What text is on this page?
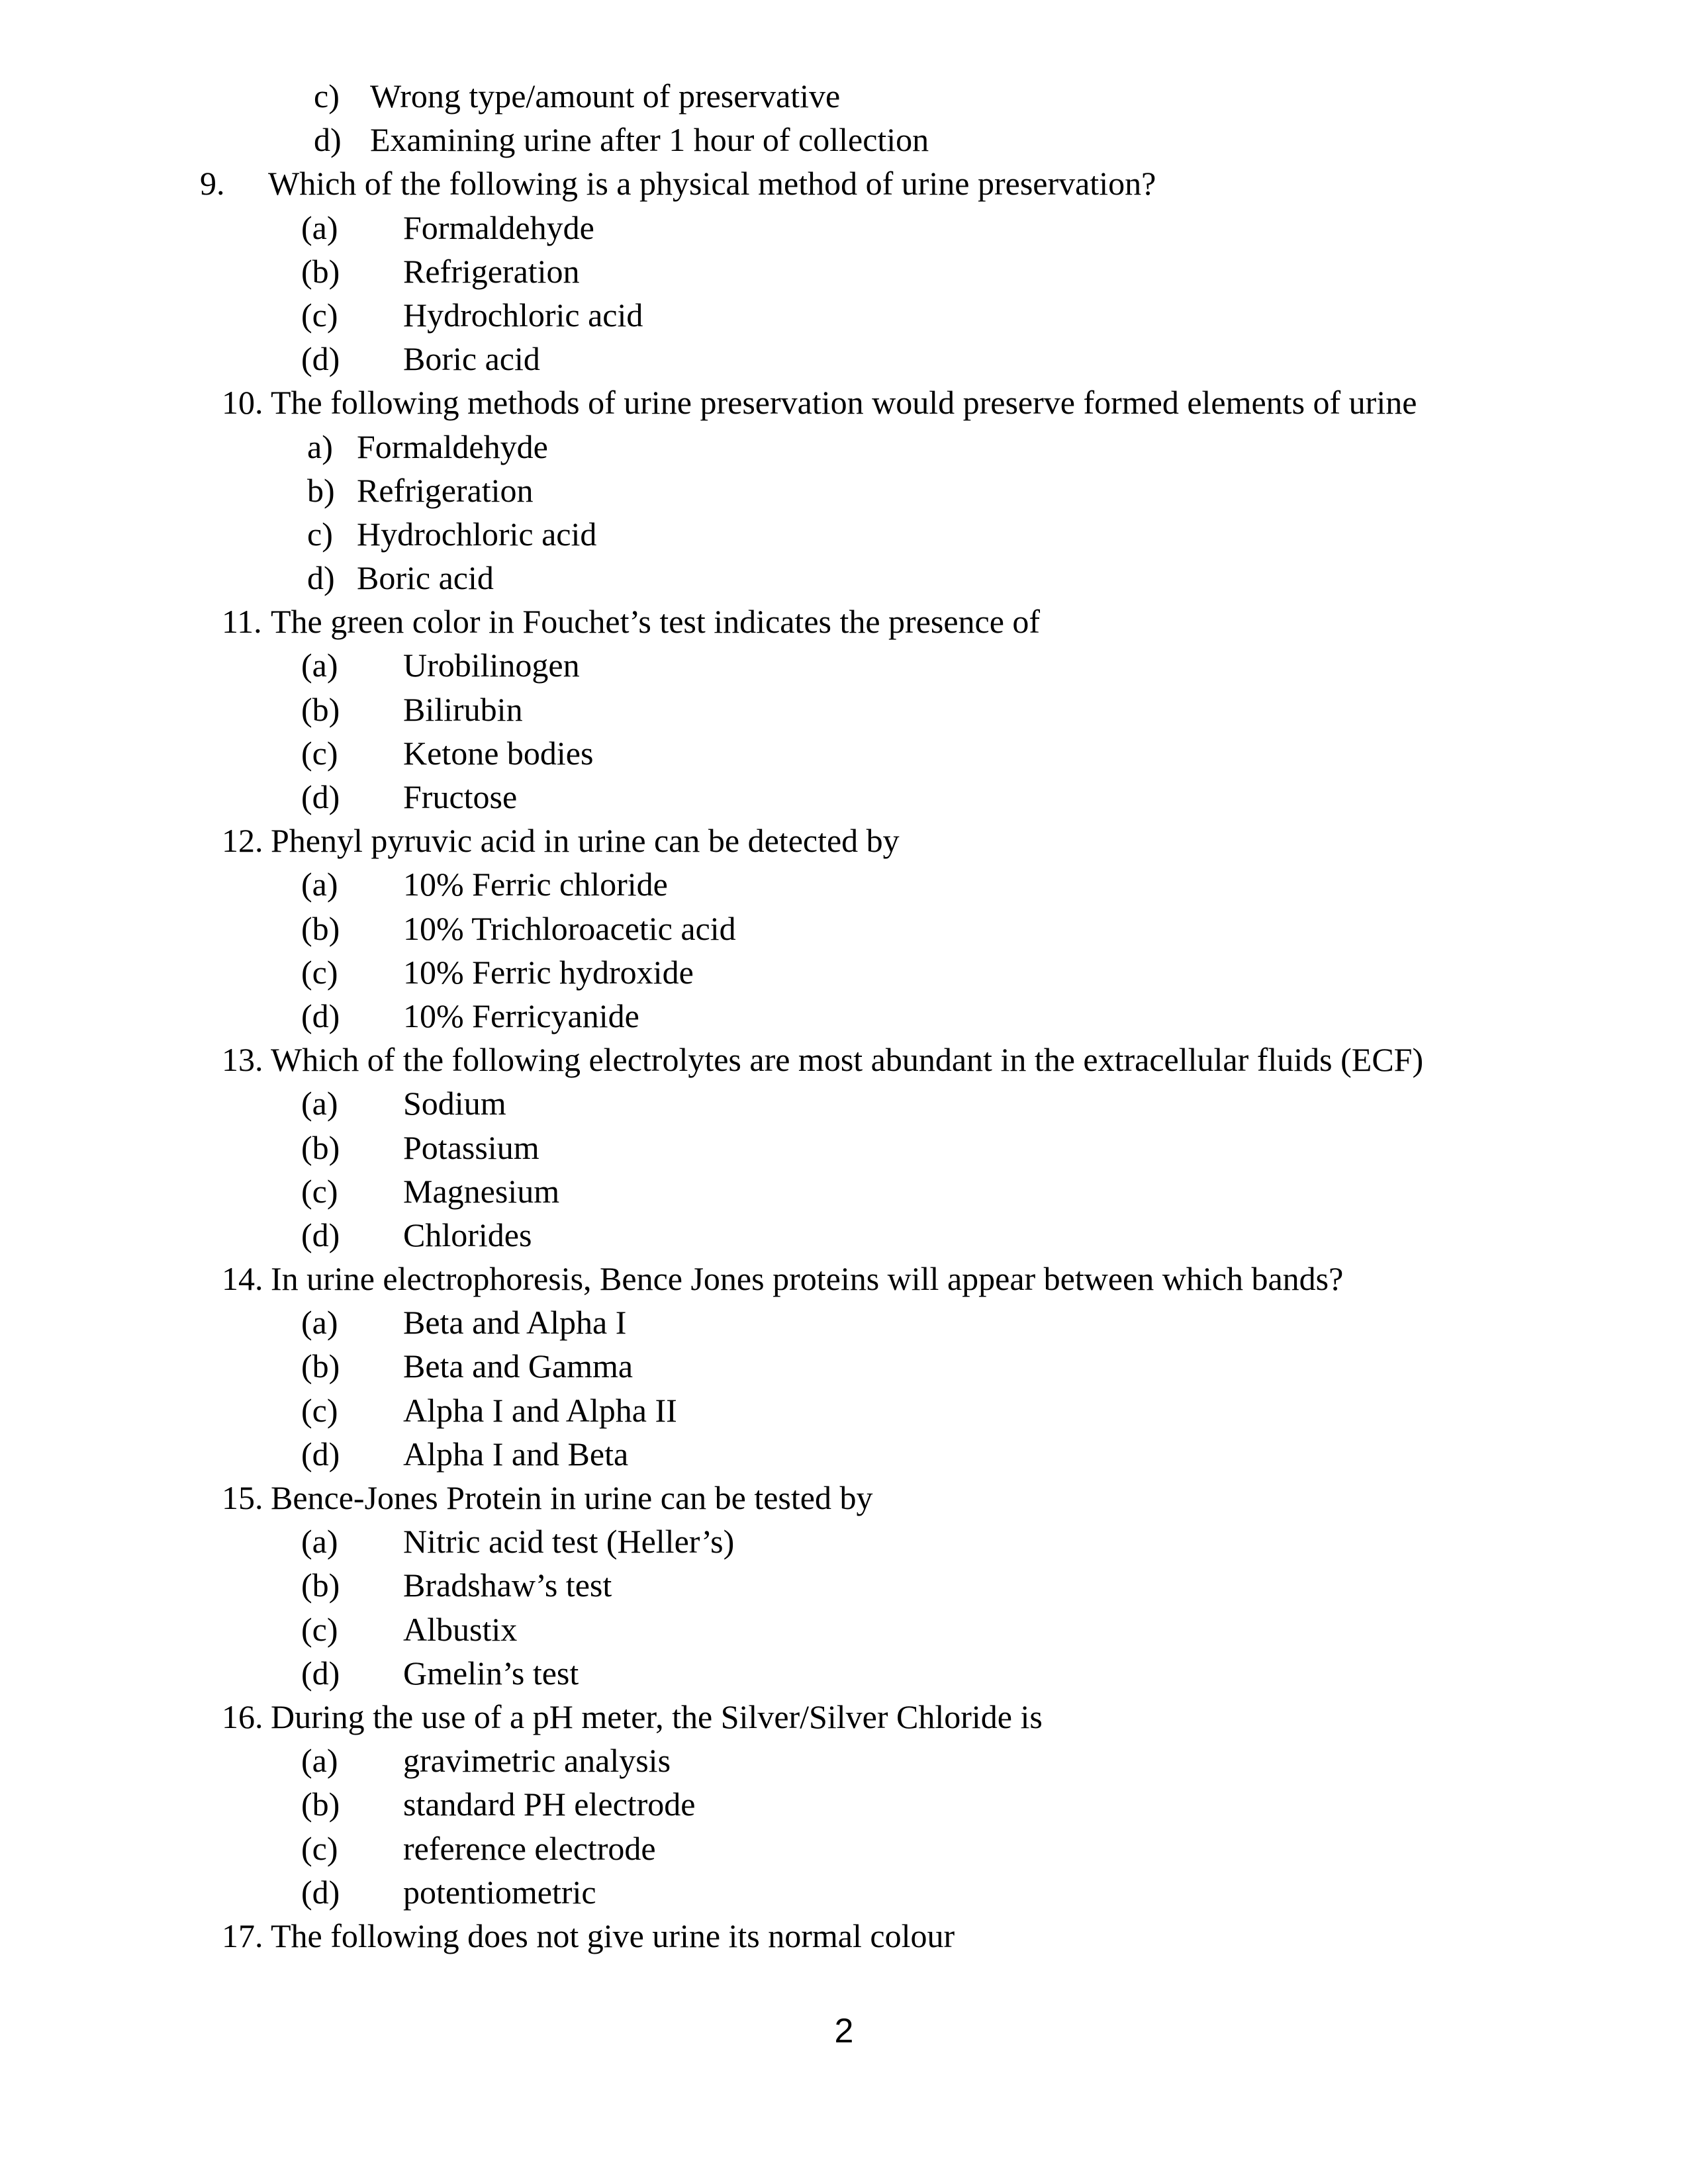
c) Wrong type/amount of preservative
d) Examining urine after 1 hour of collection
9. Which of the following is a physical method of urine preservation?
(a) Formaldehyde
(b) Refrigeration
(c) Hydrochloric acid
(d) Boric acid
10. The following methods of urine preservation would preserve formed elements of urine
a) Formaldehyde
b) Refrigeration
c) Hydrochloric acid
d) Boric acid
11. The green color in Fouchet’s test indicates the presence of
(a) Urobilinogen
(b) Bilirubin
(c) Ketone bodies
(d) Fructose
12. Phenyl pyruvic acid in urine can be detected by
(a) 10% Ferric chloride
(b) 10% Trichloroacetic acid
(c) 10% Ferric hydroxide
(d) 10% Ferricyanide
13. Which of the following electrolytes are most abundant in the extracellular fluids (ECF)
(a) Sodium
(b) Potassium
(c) Magnesium
(d) Chlorides
14. In urine electrophoresis, Bence Jones proteins will appear between which bands?
(a) Beta and Alpha I
(b) Beta and Gamma
(c) Alpha I and Alpha II
(d) Alpha I and Beta
15. Bence-Jones Protein in urine can be tested by
(a) Nitric acid test (Heller’s)
(b) Bradshaw’s test
(c) Albustix
(d) Gmelin’s test
16. During the use of a pH meter, the Silver/Silver Chloride is
(a) gravimetric analysis
(b) standard PH electrode
(c) reference electrode
(d) potentiometric
17. The following does not give urine its normal colour
2
